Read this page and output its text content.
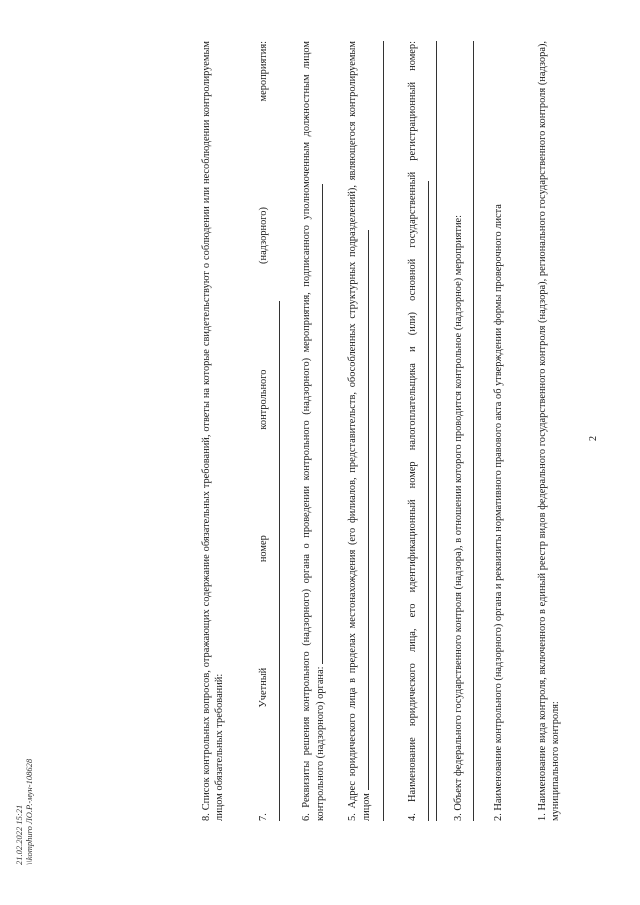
2
1. Наименование вида контроля, включенного в единый реестр видов федерального государственного контроля (надзора), регионального государственного контроля (надзора), муниципального контроля:
2. Наименование контрольного (надзорного) органа и реквизиты нормативного правового акта об утверждении формы проверочного листа
3. Объект федерального государственного контроля (надзора), в отношении которого проводится контрольное (надзорное) мероприятие:
4. Наименование юридического лица, его идентификационный номер налогоплательщика и (или) основной государственный регистрационный номер:
5. Адрес юридического лица в пределах местонахождения (его филиалов, представительств, обособленных структурных подразделений), являющегося контролируемым лицом
6. Реквизиты решения контрольного (надзорного) органа о проведении контрольного (надзорного) мероприятия, подписанного уполномоченным должностным лицом контрольного (надзорного) органа:
7. Учетный номер контрольного (надзорного) мероприятия:
8. Список контрольных вопросов, отражающих содержание обязательных требований, ответы на которые свидетельствуют о соблюдении или несоблюдении контролируемым лицом обязательных требований:
21.02.2022 15:21 \\komphuro ЛО.Р.-мун-108628
